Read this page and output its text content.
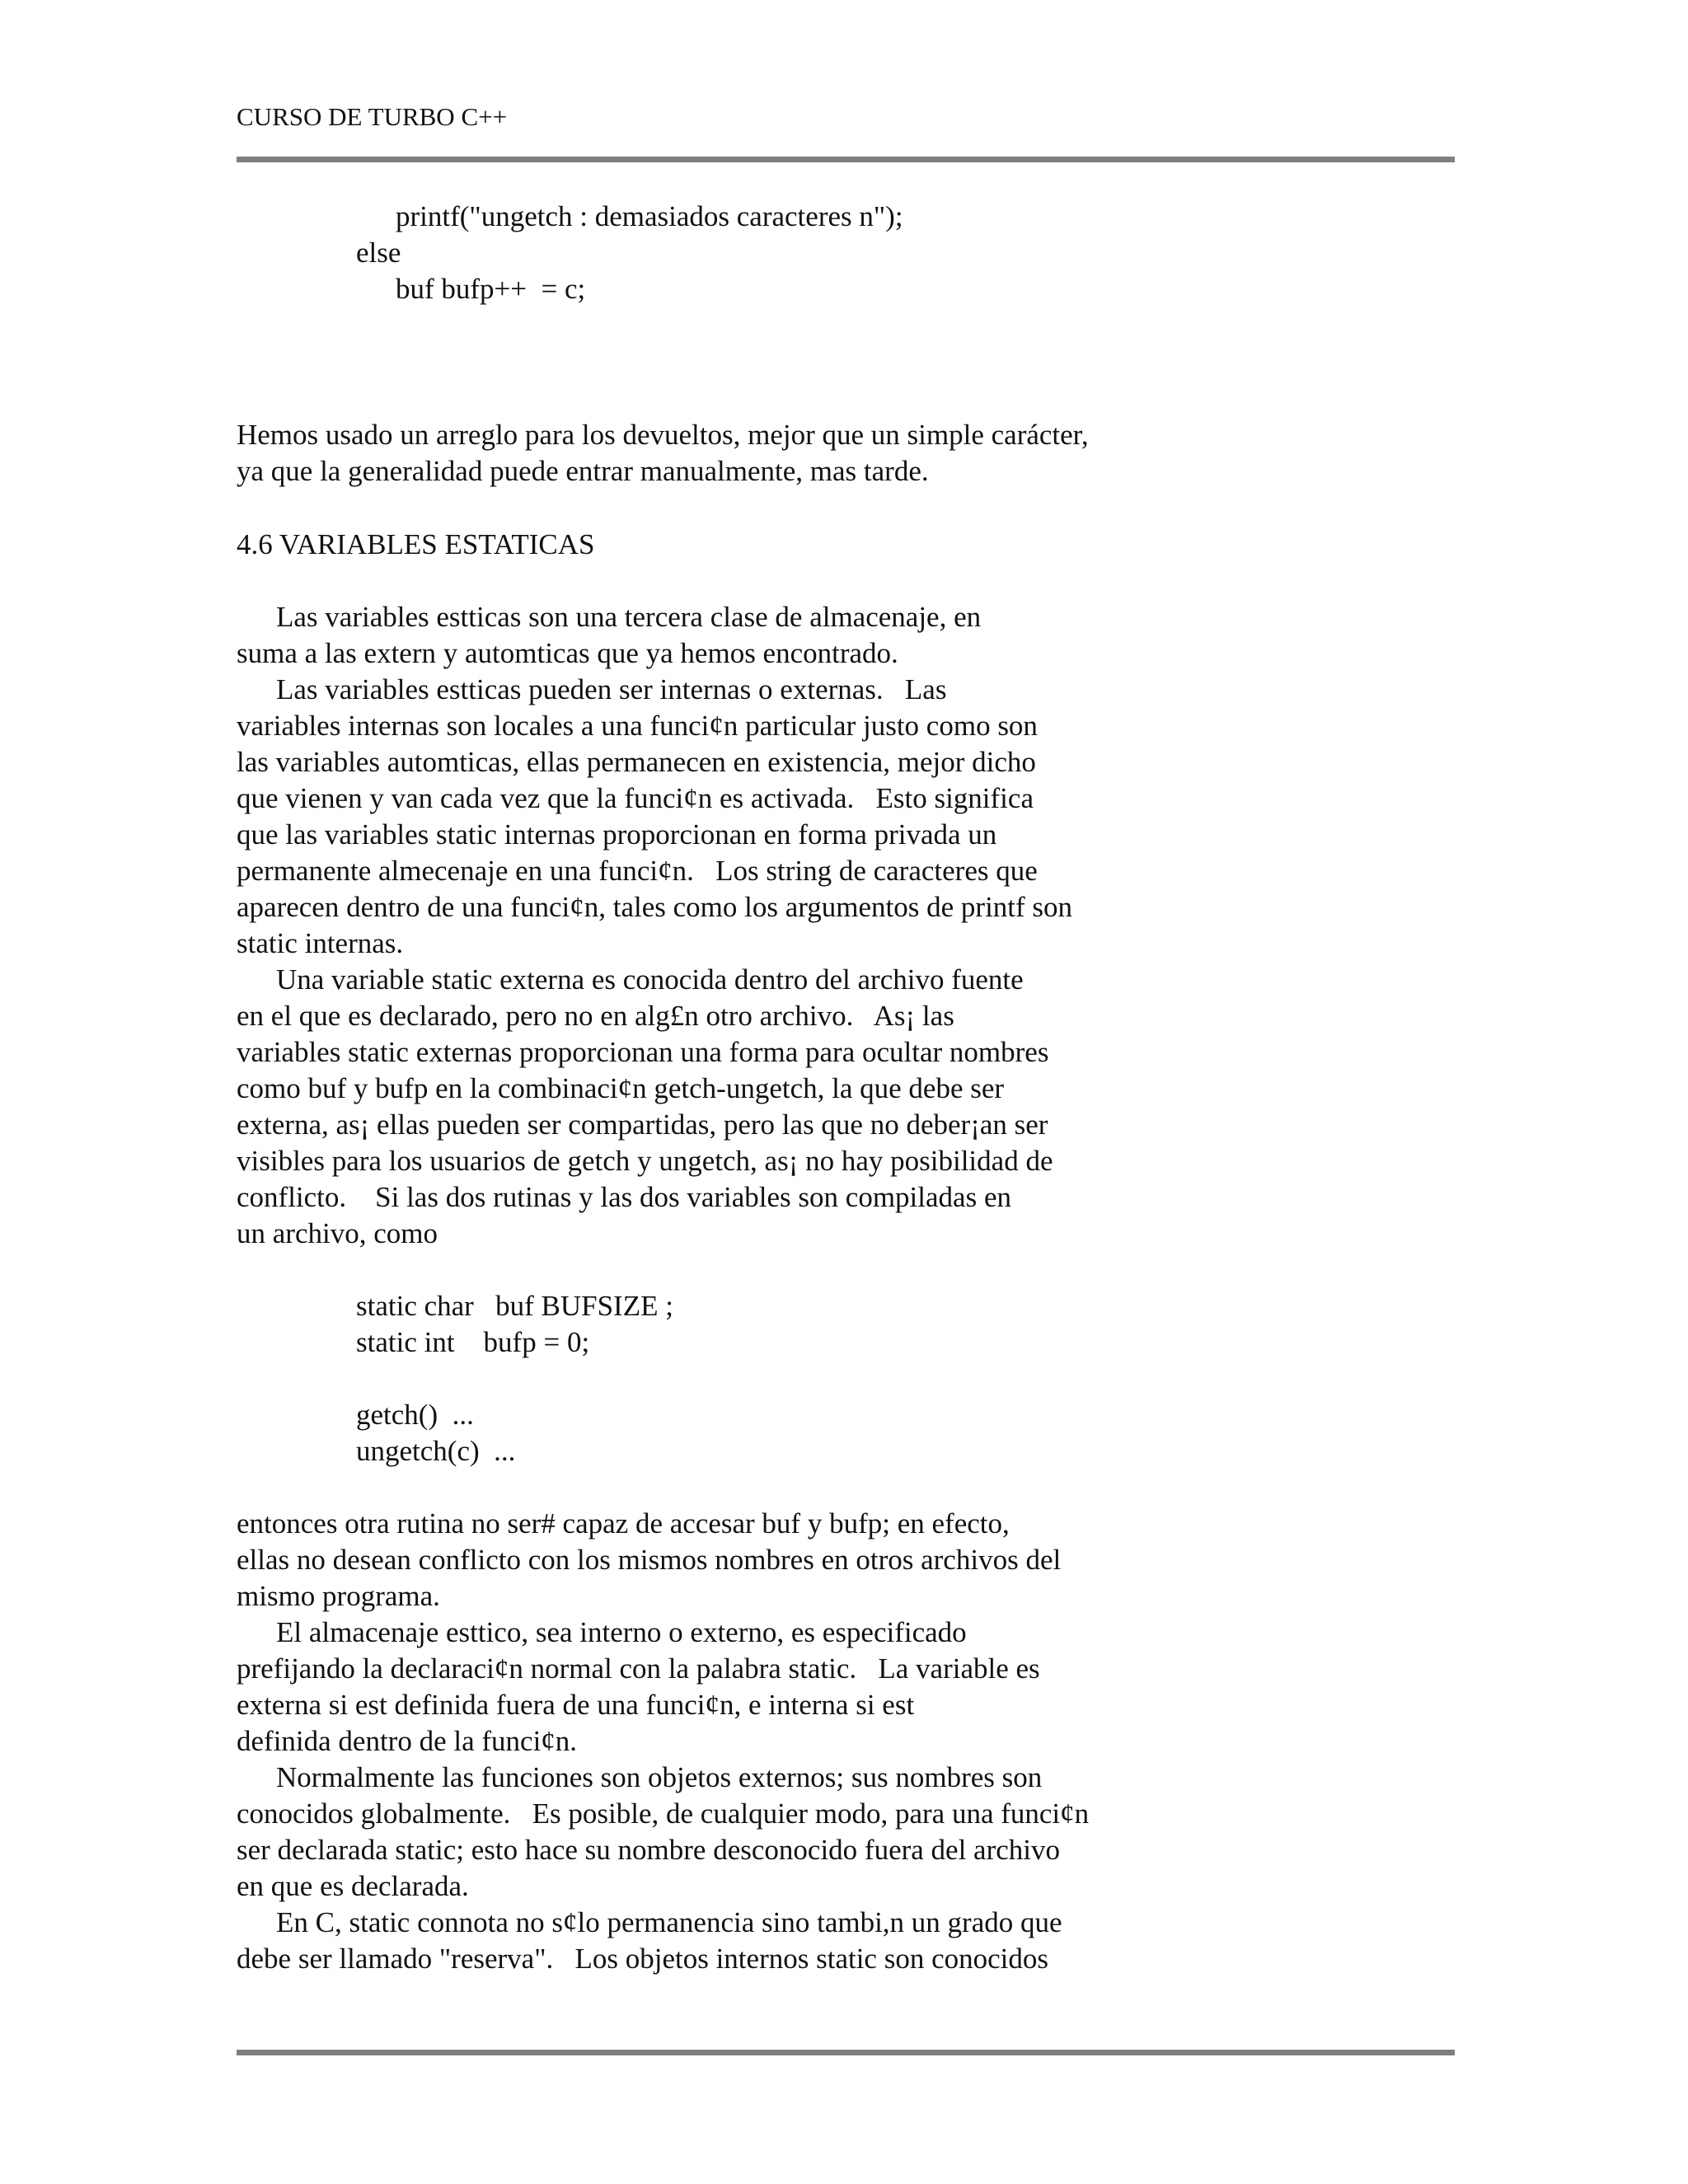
CURSO DE TURBO C++
printf("ungetch : demasiados caracteres n");
else
buf bufp++  = c;
Hemos usado un arreglo para los devueltos, mejor que un simple carácter,
ya que la generalidad puede entrar manualmente, mas tarde.
4.6 VARIABLES ESTATICAS
Las variables estticas son una tercera clase de almacenaje, en
suma a las extern y automticas que ya hemos encontrado.
Las variables estticas pueden ser internas o externas.   Las
variables internas son locales a una funci¢n particular justo como son
las variables automticas, ellas permanecen en existencia, mejor dicho
que vienen y van cada vez que la funci¢n es activada.   Esto significa
que las variables static internas proporcionan en forma privada un
permanente almecenaje en una funci¢n.   Los string de caracteres que
aparecen dentro de una funci¢n, tales como los argumentos de printf son
static internas.
Una variable static externa es conocida dentro del archivo fuente
en el que es declarado, pero no en alg£n otro archivo.   As¡ las
variables static externas proporcionan una forma para ocultar nombres
como buf y bufp en la combinaci¢n getch-ungetch, la que debe ser
externa, as¡ ellas pueden ser compartidas, pero las que no deber¡an ser
visibles para los usuarios de getch y ungetch, as¡ no hay posibilidad de
conflicto.    Si las dos rutinas y las dos variables son compiladas en
un archivo, como
static char   buf BUFSIZE ;
static int    bufp = 0;
getch()  ...
ungetch(c)  ...
entonces otra rutina no ser# capaz de accesar buf y bufp; en efecto,
ellas no desean conflicto con los mismos nombres en otros archivos del
mismo programa.
El almacenaje esttico, sea interno o externo, es especificado
prefijando la declaraci¢n normal con la palabra static.   La variable es
externa si est definida fuera de una funci¢n, e interna si est
definida dentro de la funci¢n.
Normalmente las funciones son objetos externos; sus nombres son
conocidos globalmente.   Es posible, de cualquier modo, para una funci¢n
ser declarada static; esto hace su nombre desconocido fuera del archivo
en que es declarada.
En C, static connota no s¢lo permanencia sino tambi,n un grado que
debe ser llamado "reserva".   Los objetos internos static son conocidos
